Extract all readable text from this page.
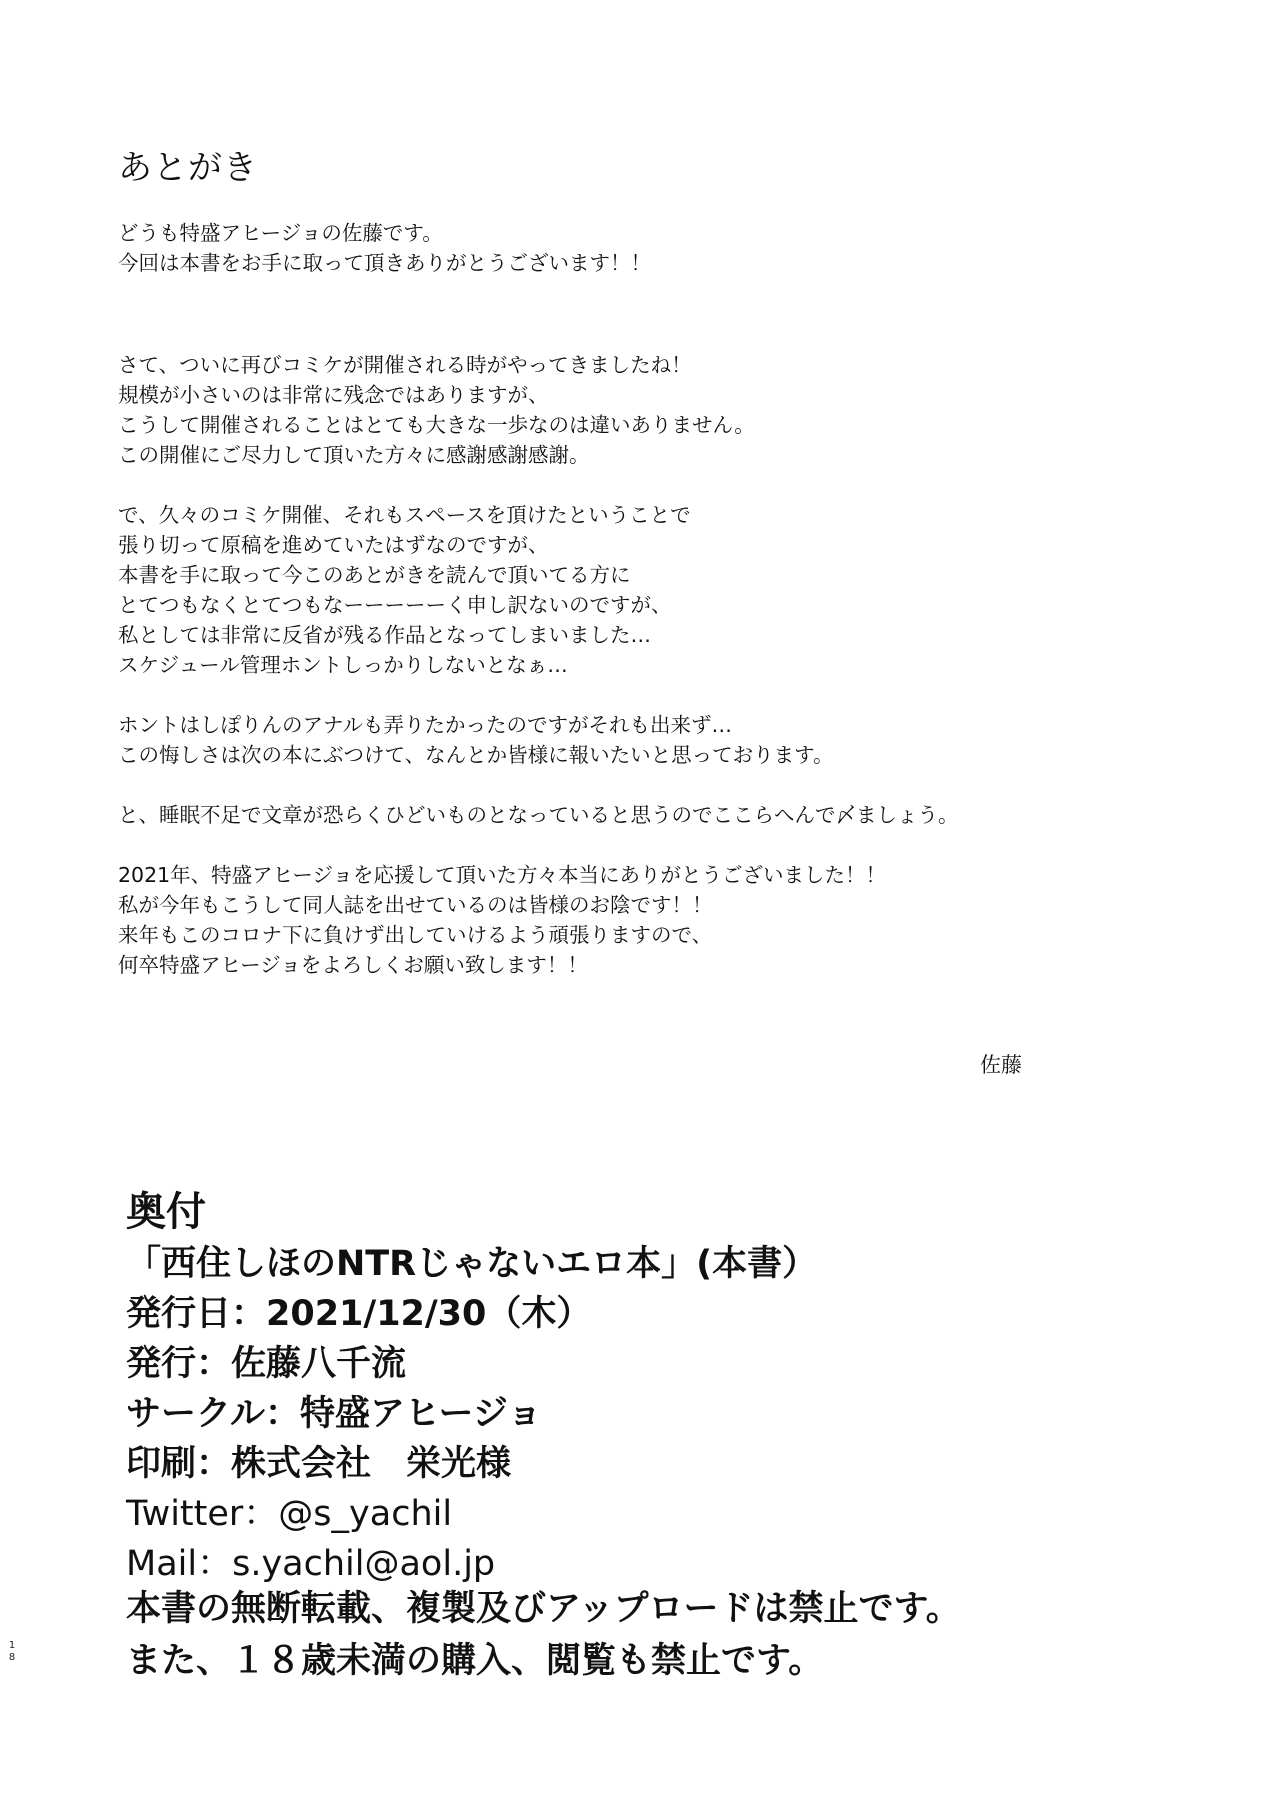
あとがき
どうも特盛アヒージョの佐藤です。
今回は本書をお手に取って頂きありがとうございます！！
さて、ついに再びコミケが開催される時がやってきましたね！
規模が小さいのは非常に残念ではありますが、
こうして開催されることはとても大きな一歩なのは違いありません。
この開催にご尽力して頂いた方々に感謝感謝感謝。
で、久々のコミケ開催、それもスペースを頂けたということで
張り切って原稿を進めていたはずなのですが、
本書を手に取って今このあとがきを読んで頂いてる方に
とてつもなくとてつもなーーーーーく申し訳ないのですが、
私としては非常に反省が残る作品となってしまいました…
スケジュール管理ホントしっかりしないとなぁ…
ホントはしぽりんのアナルも弄りたかったのですがそれも出来ず…
この悔しさは次の本にぶつけて、なんとか皆様に報いたいと思っております。
と、睡眠不足で文章が恐らくひどいものとなっていると思うのでここらへんで〆ましょう。
2021年、特盛アヒージョを応援して頂いた方々本当にありがとうございました！！
私が今年もこうして同人誌を出せているのは皆様のお陰です！！
来年もこのコロナ下に負けず出していけるよう頑張りますので、
何卒特盛アヒージョをよろしくお願い致します！！

佐藤

奥付
「西住しほのNTRじゃないエロ本」(本書）
発行日：2021/12/30（木）
発行：佐藤八千流
サークル：特盛アヒージョ
印刷：株式会社　栄光様
Twitter：@s_yachil
Mail：s.yachil@aol.jp
本書の無断転載、複製及びアップロードは禁止です。
また、１８歳未満の購入、閲覧も禁止です。
18
